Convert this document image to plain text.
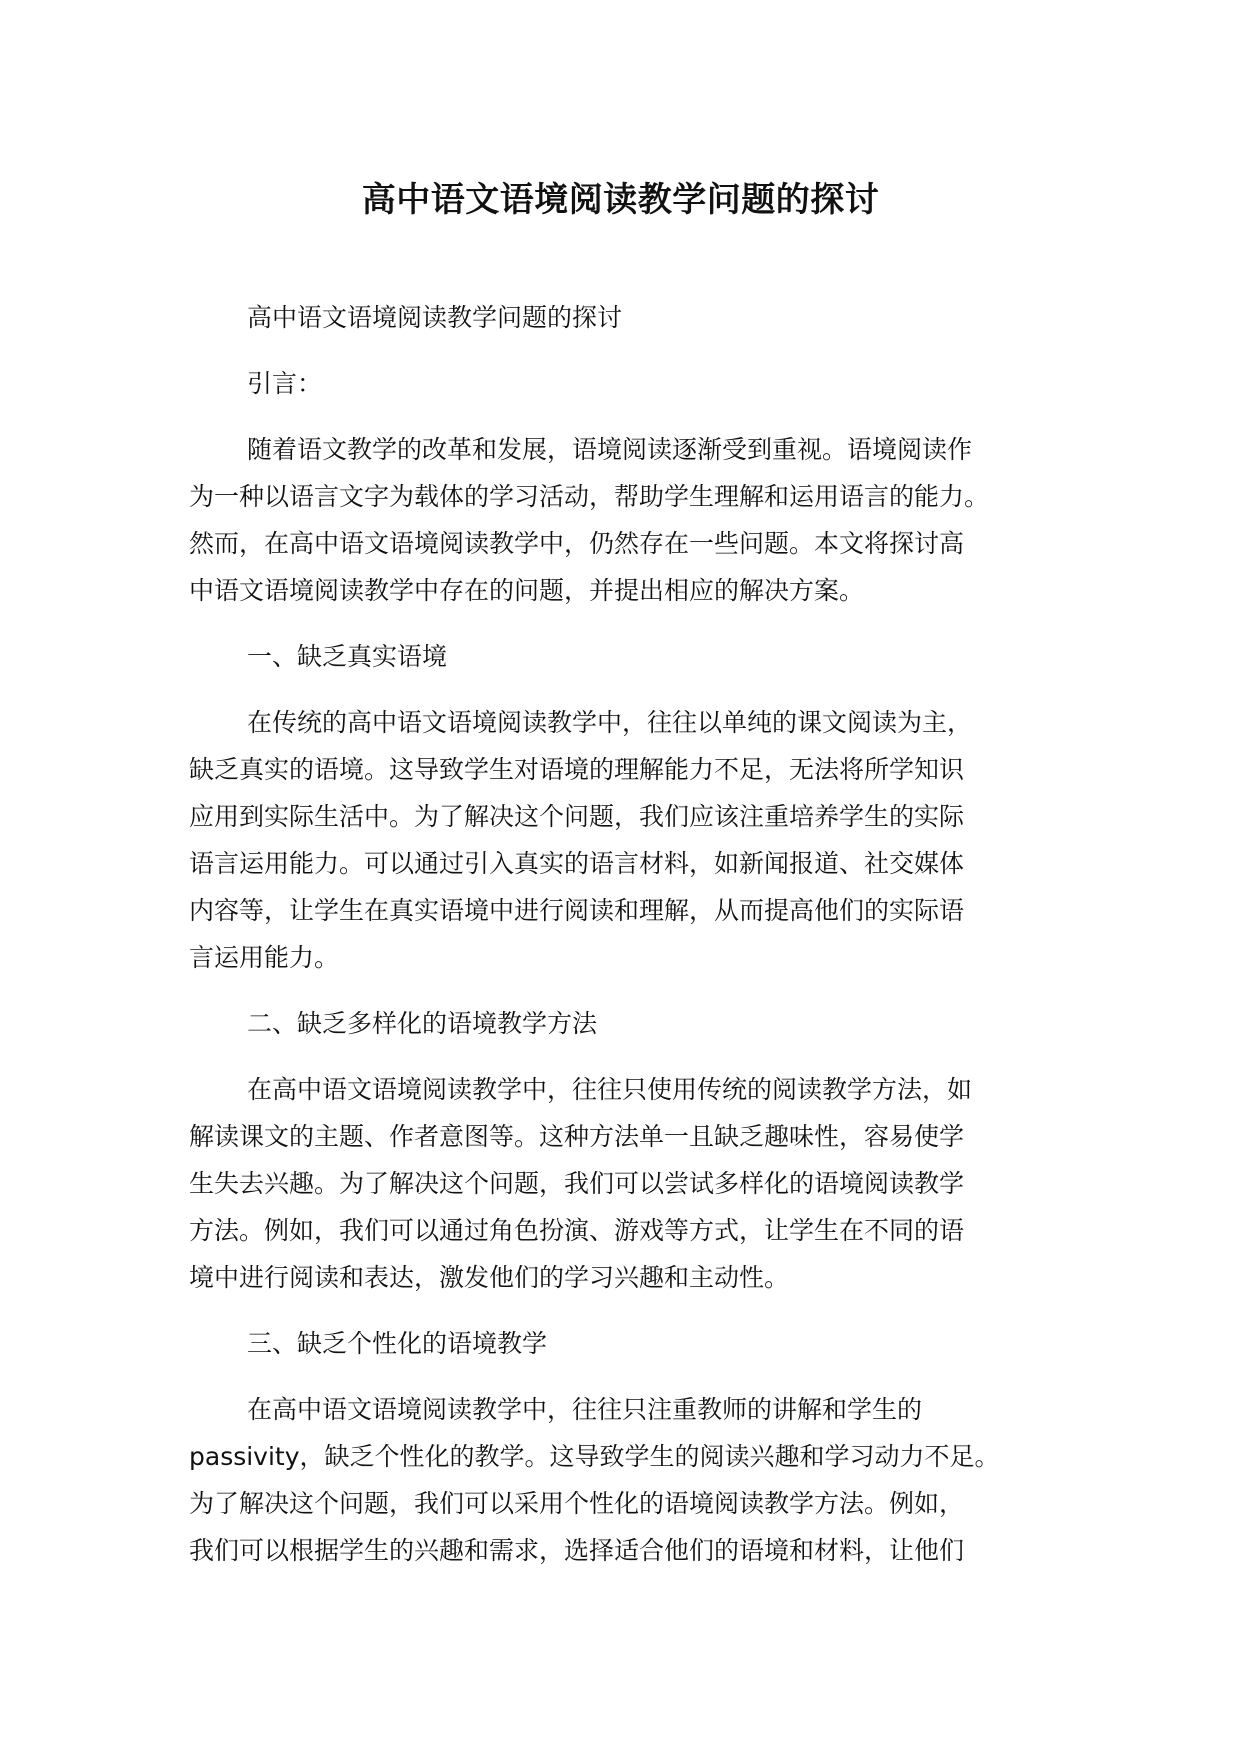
高中语文语境阅读教学问题的探讨

高中语文语境阅读教学问题的探讨

引言：

随着语文教学的改革和发展，语境阅读逐渐受到重视。语境阅读作
为一种以语言文字为载体的学习活动，帮助学生理解和运用语言的能力。
然而，在高中语文语境阅读教学中，仍然存在一些问题。本文将探讨高
中语文语境阅读教学中存在的问题，并提出相应的解决方案。

一、缺乏真实语境

在传统的高中语文语境阅读教学中，往往以单纯的课文阅读为主，
缺乏真实的语境。这导致学生对语境的理解能力不足，无法将所学知识
应用到实际生活中。为了解决这个问题，我们应该注重培养学生的实际
语言运用能力。可以通过引入真实的语言材料，如新闻报道、社交媒体
内容等，让学生在真实语境中进行阅读和理解，从而提高他们的实际语
言运用能力。

二、缺乏多样化的语境教学方法

在高中语文语境阅读教学中，往往只使用传统的阅读教学方法，如
解读课文的主题、作者意图等。这种方法单一且缺乏趣味性，容易使学
生失去兴趣。为了解决这个问题，我们可以尝试多样化的语境阅读教学
方法。例如，我们可以通过角色扮演、游戏等方式，让学生在不同的语
境中进行阅读和表达，激发他们的学习兴趣和主动性。

三、缺乏个性化的语境教学

在高中语文语境阅读教学中，往往只注重教师的讲解和学生的
passivity，缺乏个性化的教学。这导致学生的阅读兴趣和学习动力不足。
为了解决这个问题，我们可以采用个性化的语境阅读教学方法。例如，
我们可以根据学生的兴趣和需求，选择适合他们的语境和材料，让他们
